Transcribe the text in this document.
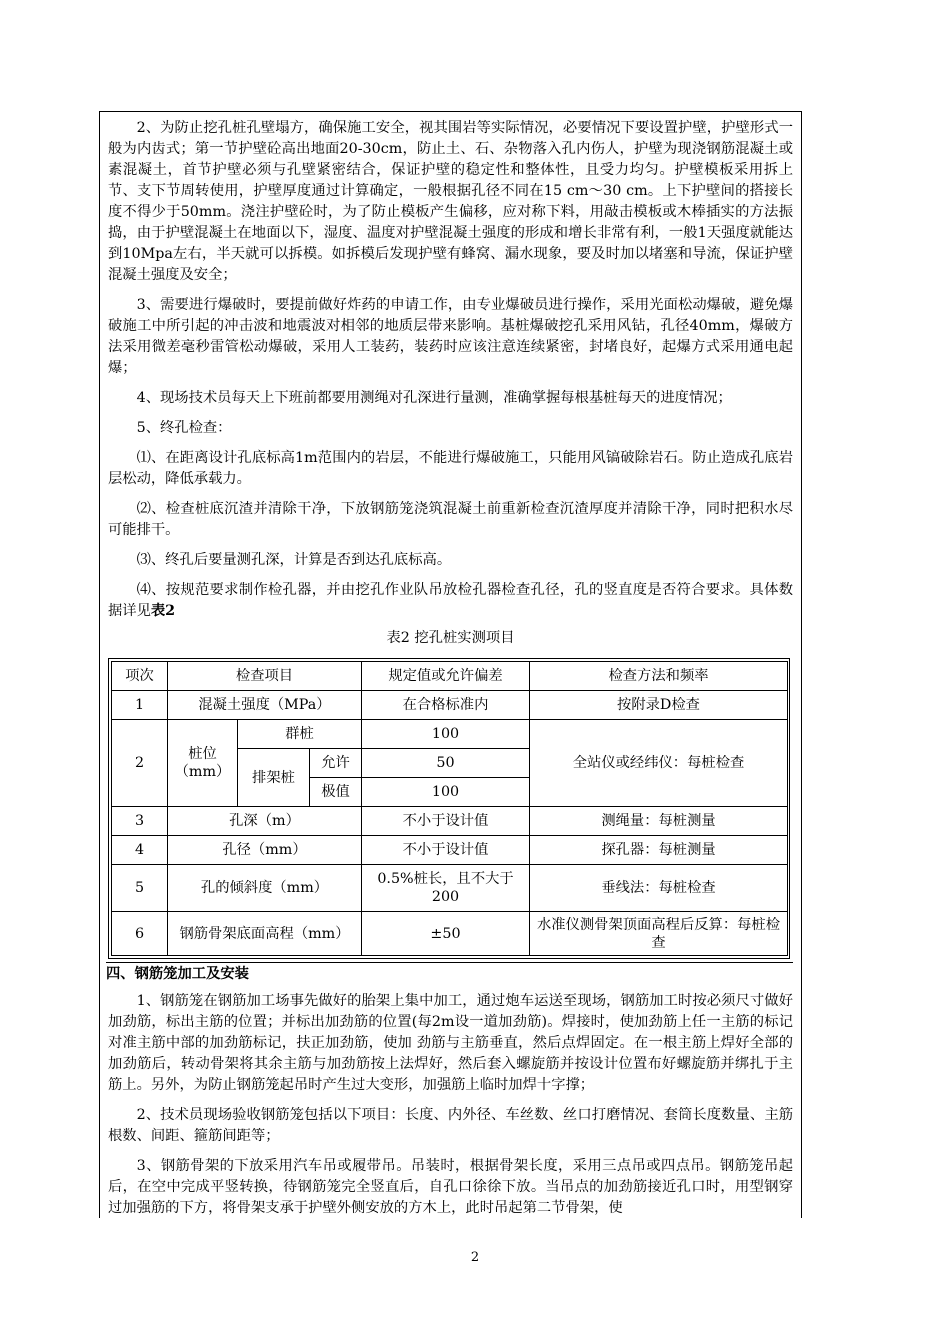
2、为防止挖孔桩孔壁塌方，确保施工安全，视其围岩等实际情况，必要情况下要设置护壁，护壁形式一般为内齿式；第一节护壁砼高出地面20-30cm，防止土、石、杂物落入孔内伤人，护壁为现浇钢筋混凝土或素混凝土，首节护壁必须与孔壁紧密结合，保证护壁的稳定性和整体性，且受力均匀。护壁模板采用拆上节、支下节周转使用，护壁厚度通过计算确定，一般根据孔径不同在15 cm～30 cm。上下护壁间的搭接长度不得少于50mm。浇注护壁砼时，为了防止模板产生偏移，应对称下料，用敲击模板或木棒插实的方法振捣，由于护壁混凝土在地面以下，湿度、温度对护壁混凝土强度的形成和增长非常有利，一般1天强度就能达到10Mpa左右，半天就可以拆模。如拆模后发现护壁有蜂窝、漏水现象，要及时加以堵塞和导流，保证护壁混凝土强度及安全；

3、需要进行爆破时，要提前做好炸药的申请工作，由专业爆破员进行操作，采用光面松动爆破，避免爆破施工中所引起的冲击波和地震波对相邻的地质层带来影响。基桩爆破挖孔采用风钻，孔径40mm，爆破方法采用微差毫秒雷管松动爆破，采用人工装药，装药时应该注意连续紧密，封堵良好，起爆方式采用通电起爆；

4、现场技术员每天上下班前都要用测绳对孔深进行量测，准确掌握每根基桩每天的进度情况；

5、终孔检查：

⑴、在距离设计孔底标高1m范围内的岩层，不能进行爆破施工，只能用风镐破除岩石。防止造成孔底岩层松动，降低承载力。

⑵、检查桩底沉渣并清除干净，下放钢筋笼浇筑混凝土前重新检查沉渣厚度并清除干净，同时把积水尽可能排干。

⑶、终孔后要量测孔深，计算是否到达孔底标高。

⑷、按规范要求制作检孔器，并由挖孔作业队吊放检孔器检查孔径，孔的竖直度是否符合要求。具体数据详见表2

表2 挖孔桩实测项目
项次	检查项目			规定值或允许偏差	检查方法和频率
1	混凝土强度（MPa）			在合格标准内	按附录D检查
2	桩位（mm）	群桩		100	全站仪或经纬仪：每桩检查
		排架桩	允许	50	
			极值	100	
3	孔深（m）			不小于设计值	测绳量：每桩测量
4	孔径（mm）			不小于设计值	探孔器：每桩测量
5	孔的倾斜度（mm）			0.5%桩长，且不大于200	垂线法：每桩检查
6	钢筋骨架底面高程（mm）			±50	水准仪测骨架顶面高程后反算：每桩检查
四、钢筋笼加工及安装

1、钢筋笼在钢筋加工场事先做好的胎架上集中加工，通过炮车运送至现场，钢筋加工时按必须尺寸做好加劲筋，标出主筋的位置；并标出加劲筋的位置(每2m设一道加劲筋)。焊接时，使加劲筋上任一主筋的标记对准主筋中部的加劲筋标记，扶正加劲筋，使加 劲筋与主筋垂直，然后点焊固定。在一根主筋上焊好全部的加劲筋后，转动骨架将其余主筋与加劲筋按上法焊好，然后套入螺旋筋并按设计位置布好螺旋筋并绑扎于主筋上。另外，为防止钢筋笼起吊时产生过大变形，加强筋上临时加焊十字撑；

2、技术员现场验收钢筋笼包括以下项目：长度、内外径、车丝数、丝口打磨情况、套筒长度数量、主筋根数、间距、箍筋间距等；

3、钢筋骨架的下放采用汽车吊或履带吊。吊装时，根据骨架长度，采用三点吊或四点吊。钢筋笼吊起后，在空中完成平竖转换，待钢筋笼完全竖直后，自孔口徐徐下放。当吊点的加劲筋接近孔口时，用型钢穿过加强筋的下方，将骨架支承于护壁外侧安放的方木上，此时吊起第二节骨架，使

2
